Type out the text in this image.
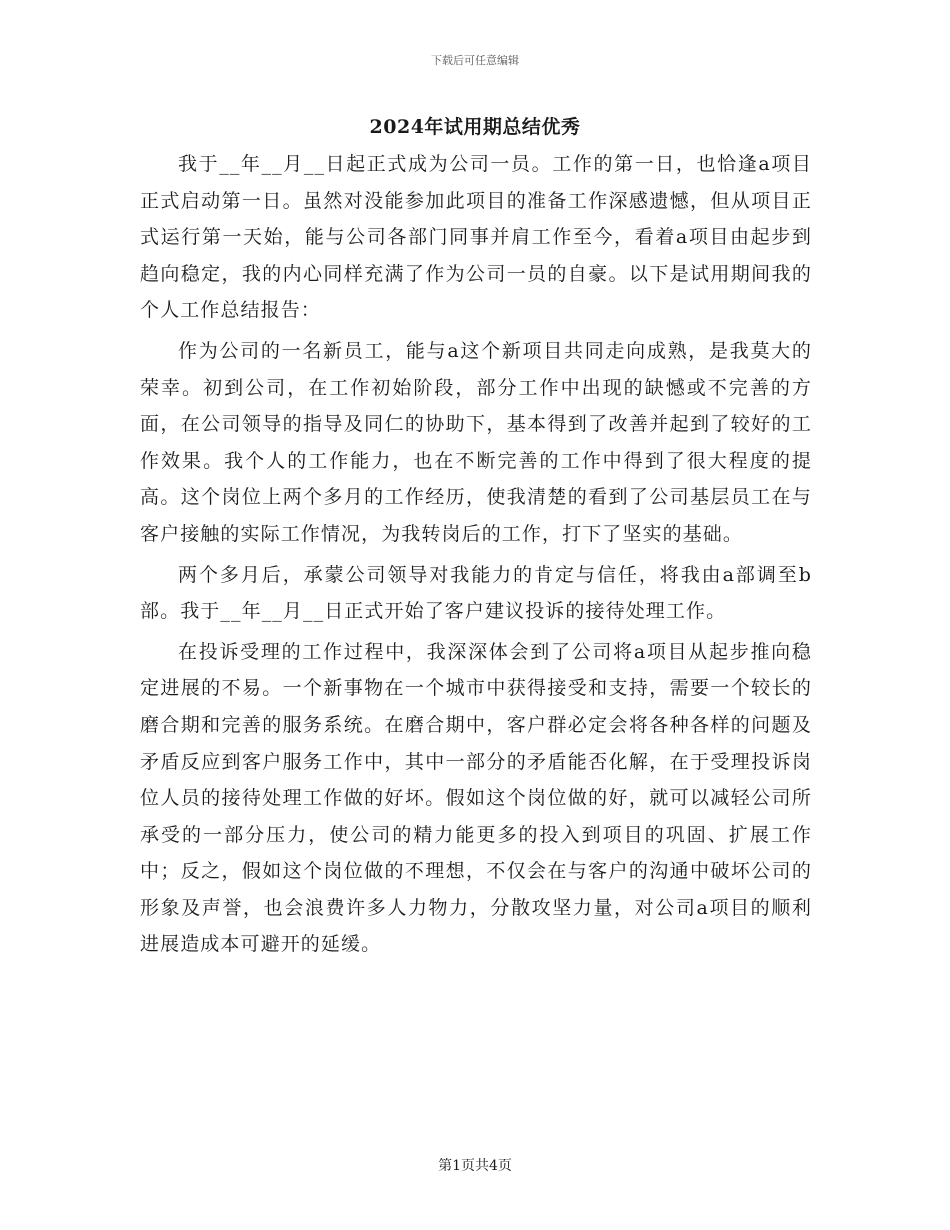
下载后可任意编辑
2024年试用期总结优秀

我于__年__月__日起正式成为公司一员。工作的第一日，也恰逢a项目正式启动第一日。虽然对没能参加此项目的准备工作深感遗憾，但从项目正式运行第一天始，能与公司各部门同事并肩工作至今，看着a项目由起步到趋向稳定，我的内心同样充满了作为公司一员的自豪。以下是试用期间我的个人工作总结报告：

作为公司的一名新员工，能与a这个新项目共同走向成熟，是我莫大的荣幸。初到公司，在工作初始阶段，部分工作中出现的缺憾或不完善的方面，在公司领导的指导及同仁的协助下，基本得到了改善并起到了较好的工作效果。我个人的工作能力，也在不断完善的工作中得到了很大程度的提高。这个岗位上两个多月的工作经历，使我清楚的看到了公司基层员工在与客户接触的实际工作情况，为我转岗后的工作，打下了坚实的基础。

两个多月后，承蒙公司领导对我能力的肯定与信任，将我由a部调至b部。我于__年__月__日正式开始了客户建议投诉的接待处理工作。

在投诉受理的工作过程中，我深深体会到了公司将a项目从起步推向稳定进展的不易。一个新事物在一个城市中获得接受和支持，需要一个较长的磨合期和完善的服务系统。在磨合期中，客户群必定会将各种各样的问题及矛盾反应到客户服务工作中，其中一部分的矛盾能否化解，在于受理投诉岗位人员的接待处理工作做的好坏。假如这个岗位做的好，就可以减轻公司所承受的一部分压力，使公司的精力能更多的投入到项目的巩固、扩展工作中；反之，假如这个岗位做的不理想，不仅会在与客户的沟通中破坏公司的形象及声誉，也会浪费许多人力物力，分散攻坚力量，对公司a项目的顺利进展造成本可避开的延缓。

第1页共4页
